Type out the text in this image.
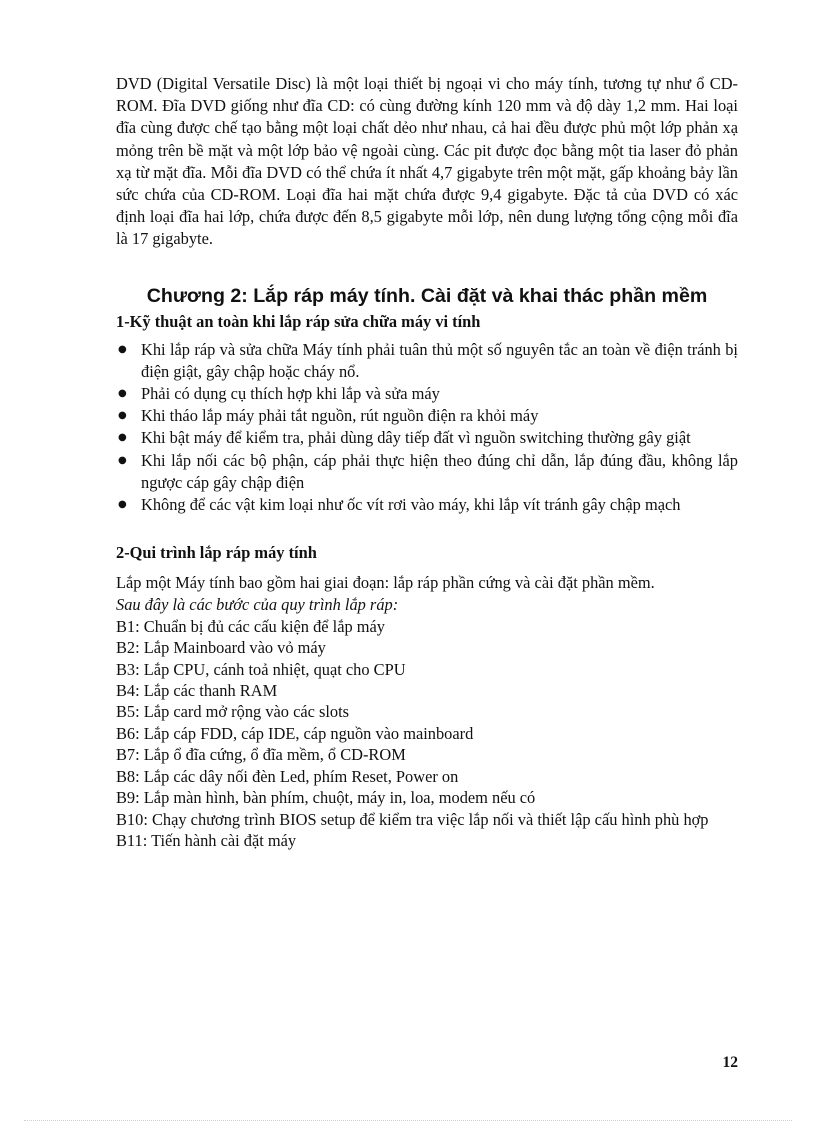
DVD (Digital Versatile Disc) là một loại thiết bị ngoại vi cho máy tính, tương tự như ổ CD-ROM. Đĩa DVD giống như đĩa CD: có cùng đường kính 120 mm và độ dày 1,2 mm. Hai loại đĩa cùng được chế tạo bằng một loại chất dẻo như nhau, cả hai đều được phủ một lớp phản xạ mỏng trên bề mặt và một lớp bảo vệ ngoài cùng. Các pit được đọc bằng một tia laser đỏ phản xạ từ mặt đĩa. Mỗi đĩa DVD có thể chứa ít nhất 4,7 gigabyte trên một mặt, gấp khoảng bảy lần sức chứa của CD-ROM. Loại đĩa hai mặt chứa được 9,4 gigabyte. Đặc tả của DVD có xác định loại đĩa hai lớp, chứa được đến 8,5 gigabyte mỗi lớp, nên dung lượng tổng cộng mỗi đĩa là 17 gigabyte.

Chương 2: Lắp ráp máy tính. Cài đặt và khai thác phần mềm
1-Kỹ thuật an toàn khi lắp ráp sửa chữa máy vi tính
● Khi lắp ráp và sửa chữa Máy tính phải tuân thủ một số nguyên tắc an toàn về điện tránh bị điện giật, gây chập hoặc cháy nổ.
● Phải có dụng cụ thích hợp khi lắp và sửa máy
● Khi tháo lắp máy phải tắt nguồn, rút nguồn điện ra khỏi máy
● Khi bật máy để kiểm tra, phải dùng dây tiếp đất vì nguồn switching thường gây giật
● Khi lắp nối các bộ phận, cáp phải thực hiện theo đúng chỉ dẫn, lắp đúng đầu, không lắp ngược cáp gây chập điện
● Không để các vật kim loại như ốc vít rơi vào máy, khi lắp vít tránh gây chập mạch
2-Qui trình lắp ráp máy tính

Lắp một Máy tính bao gồm hai giai đoạn: lắp ráp phần cứng và cài đặt phần mềm.

Sau đây là các bước của quy trình lắp ráp:

B1: Chuẩn bị đủ các cấu kiện để lắp máy
B2: Lắp Mainboard vào vỏ máy
B3: Lắp CPU, cánh toả nhiệt, quạt cho CPU
B4: Lắp các thanh RAM
B5: Lắp card mở rộng vào các slots
B6: Lắp cáp FDD, cáp IDE, cáp nguồn vào mainboard
B7: Lắp ổ đĩa cứng, ổ đĩa mềm, ổ CD-ROM
B8: Lắp các dây nối đèn Led, phím Reset, Power on
B9: Lắp màn hình, bàn phím, chuột, máy in, loa, modem nếu có
B10: Chạy chương trình BIOS setup để kiểm tra việc lắp nối và thiết lập cấu hình phù hợp
B11: Tiến hành cài đặt máy
12
